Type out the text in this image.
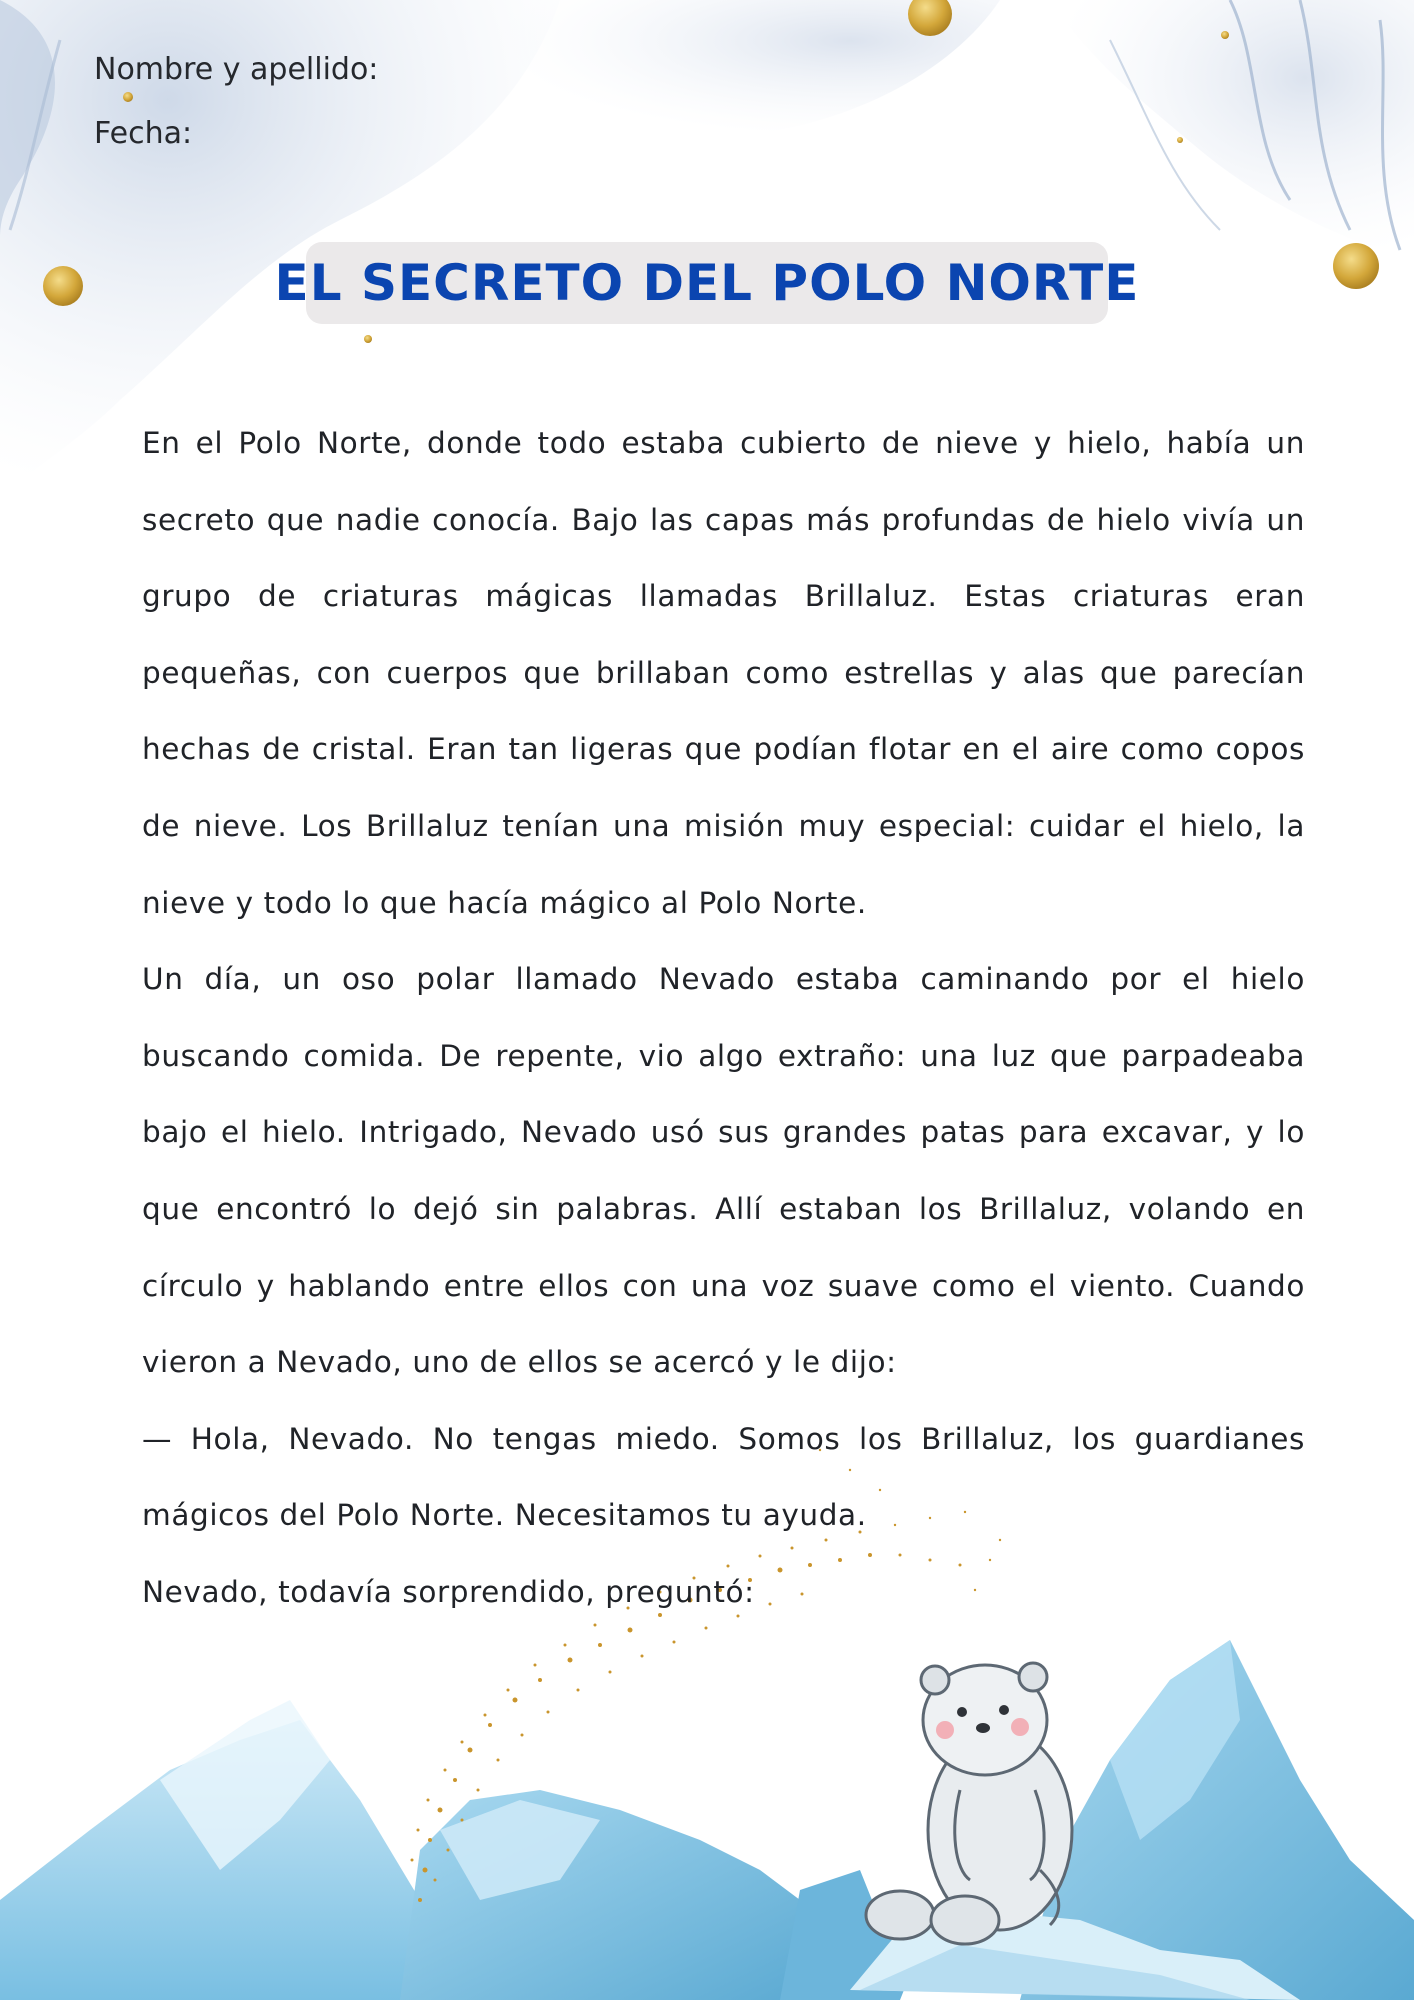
Nombre y apellido:
Fecha:
EL SECRETO DEL POLO NORTE

En el Polo Norte, donde todo estaba cubierto de nieve y hielo, había un secreto que nadie conocía. Bajo las capas más profundas de hielo vivía un grupo de criaturas mágicas llamadas Brillaluz. Estas criaturas eran pequeñas, con cuerpos que brillaban como estrellas y alas que parecían hechas de cristal. Eran tan ligeras que podían flotar en el aire como copos de nieve. Los Brillaluz tenían una misión muy especial: cuidar el hielo, la nieve y todo lo que hacía mágico al Polo Norte.

Un día, un oso polar llamado Nevado estaba caminando por el hielo buscando comida. De repente, vio algo extraño: una luz que parpadeaba bajo el hielo. Intrigado, Nevado usó sus grandes patas para excavar, y lo que encontró lo dejó sin palabras. Allí estaban los Brillaluz, volando en círculo y hablando entre ellos con una voz suave como el viento. Cuando vieron a Nevado, uno de ellos se acercó y le dijo:

— Hola, Nevado. No tengas miedo. Somos los Brillaluz, los guardianes mágicos del Polo Norte. Necesitamos tu ayuda.

Nevado, todavía sorprendido, preguntó:
